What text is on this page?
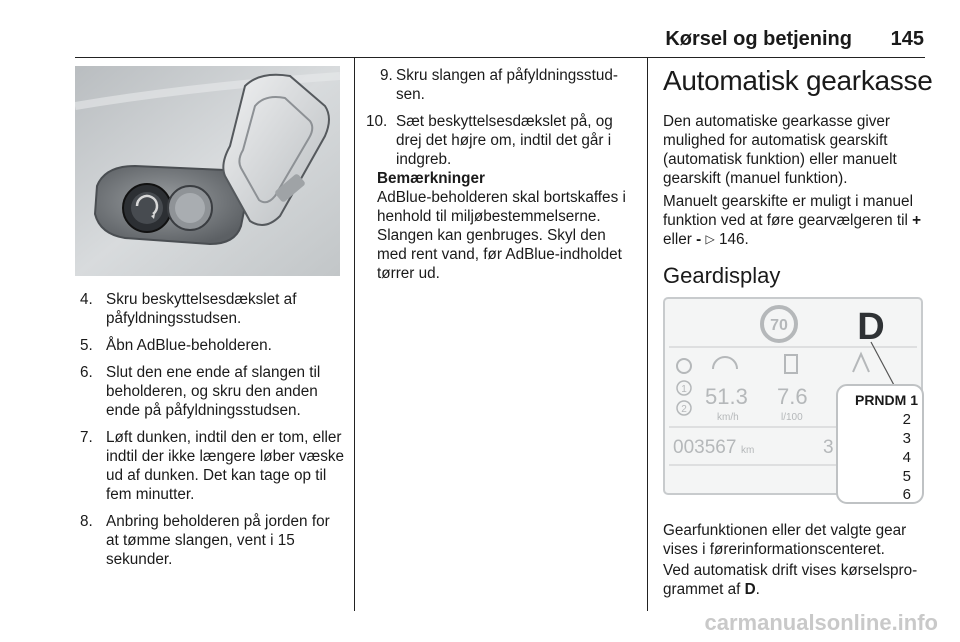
Kørsel og betjening 145
4. Skru beskyttelsesdækslet af påfyldningsstudsen.
5. Åbn AdBlue-beholderen.
6. Slut den ene ende af slangen til beholderen, og skru den anden ende på påfyldningsstudsen.
7. Løft dunken, indtil den er tom, eller indtil der ikke længere løber væske ud af dunken. Det kan tage op til fem minutter.
8. Anbring beholderen på jorden for at tømme slangen, vent i 15 sekunder.
9. Skru slangen af påfyldningsstud-sen.
10. Sæt beskyttelsesdækslet på, og drej det højre om, indtil det går i indgreb.
Bemærkninger
AdBlue-beholderen skal bortskaffes i henhold til miljøbestemmelserne. Slangen kan genbruges. Skyl den med rent vand, før AdBlue-indholdet tørrer ud.
Automatisk gearkasse

Den automatiske gearkasse giver mulighed for automatisk gearskift (automatisk funktion) eller manuelt gearskift (manuel funktion).

Manuelt gearskifte er muligt i manuel funktion ved at føre gearvælgeren til + eller - ▷ 146.

Geardisplay
70 D
1
2
51.3
km/h
7.6
l/100
003567 km	3
PRNDM 1
2
3
4
5
6

Gearfunktionen eller det valgte gear vises i førerinformationscenteret.

Ved automatisk drift vises kørselspro-grammet af D.

carmanualsonline.info
